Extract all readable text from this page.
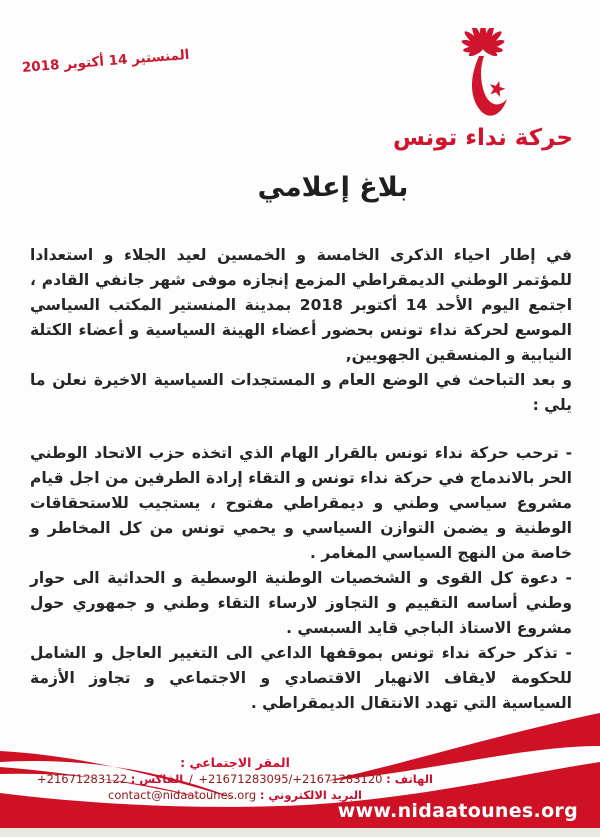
المنستير 14 أكتوبر 2018
حركة نداء تونس
بلاغ إعلامي

في إطار احياء الذكرى الخامسة و الخمسين لعيد الجلاء و استعدادا للمؤتمر الوطني الديمقراطي المزمع إنجازه موفى شهر جانفي القادم ، اجتمع اليوم الأحد 14 أكتوبر 2018 بمدينة المنستير المكتب السياسي الموسع لحركة نداء تونس بحضور أعضاء الهينة السياسية و أعضاء الكتلة النيابية و المنسقين الجهويين,

و بعد التباحث في الوضع العام و المستجدات السياسية الاخيرة نعلن ما يلي :

- ترحب حركة نداء تونس بالقرار الهام الذي اتخذه حزب الاتحاد الوطني الحر بالاندماج في حركة نداء تونس و التقاء إرادة الطرفين من اجل قيام مشروع سياسي وطني و ديمقراطي مفتوح ، يستجيب للاستحقاقات الوطنية و يضمن التوازن السياسي و يحمي تونس من كل المخاطر و خاصة من النهج السياسي المغامر .

- دعوة كل القوى و الشخصيات الوطنية الوسطية و الحداثية الى حوار وطني أساسه التقييم و التجاوز لارساء التقاء وطني و جمهوري حول مشروع الاستاذ الباجي قايد السبسي .

- تذكر حركة نداء تونس بموقفها الداعي الى التغيير العاجل و الشامل للحكومة لايقاف الانهيار الاقتصادي و الاجتماعي و تجاوز الأزمة السياسية التي تهدد الانتقال الديمقراطي .

المقر الاجتماعي :
الهاتف : +21671283095/+21671283120 / الفاكس : +21671283122
البريد الالكتروني : contact@nidaatounes.org
www.nidaatounes.org
